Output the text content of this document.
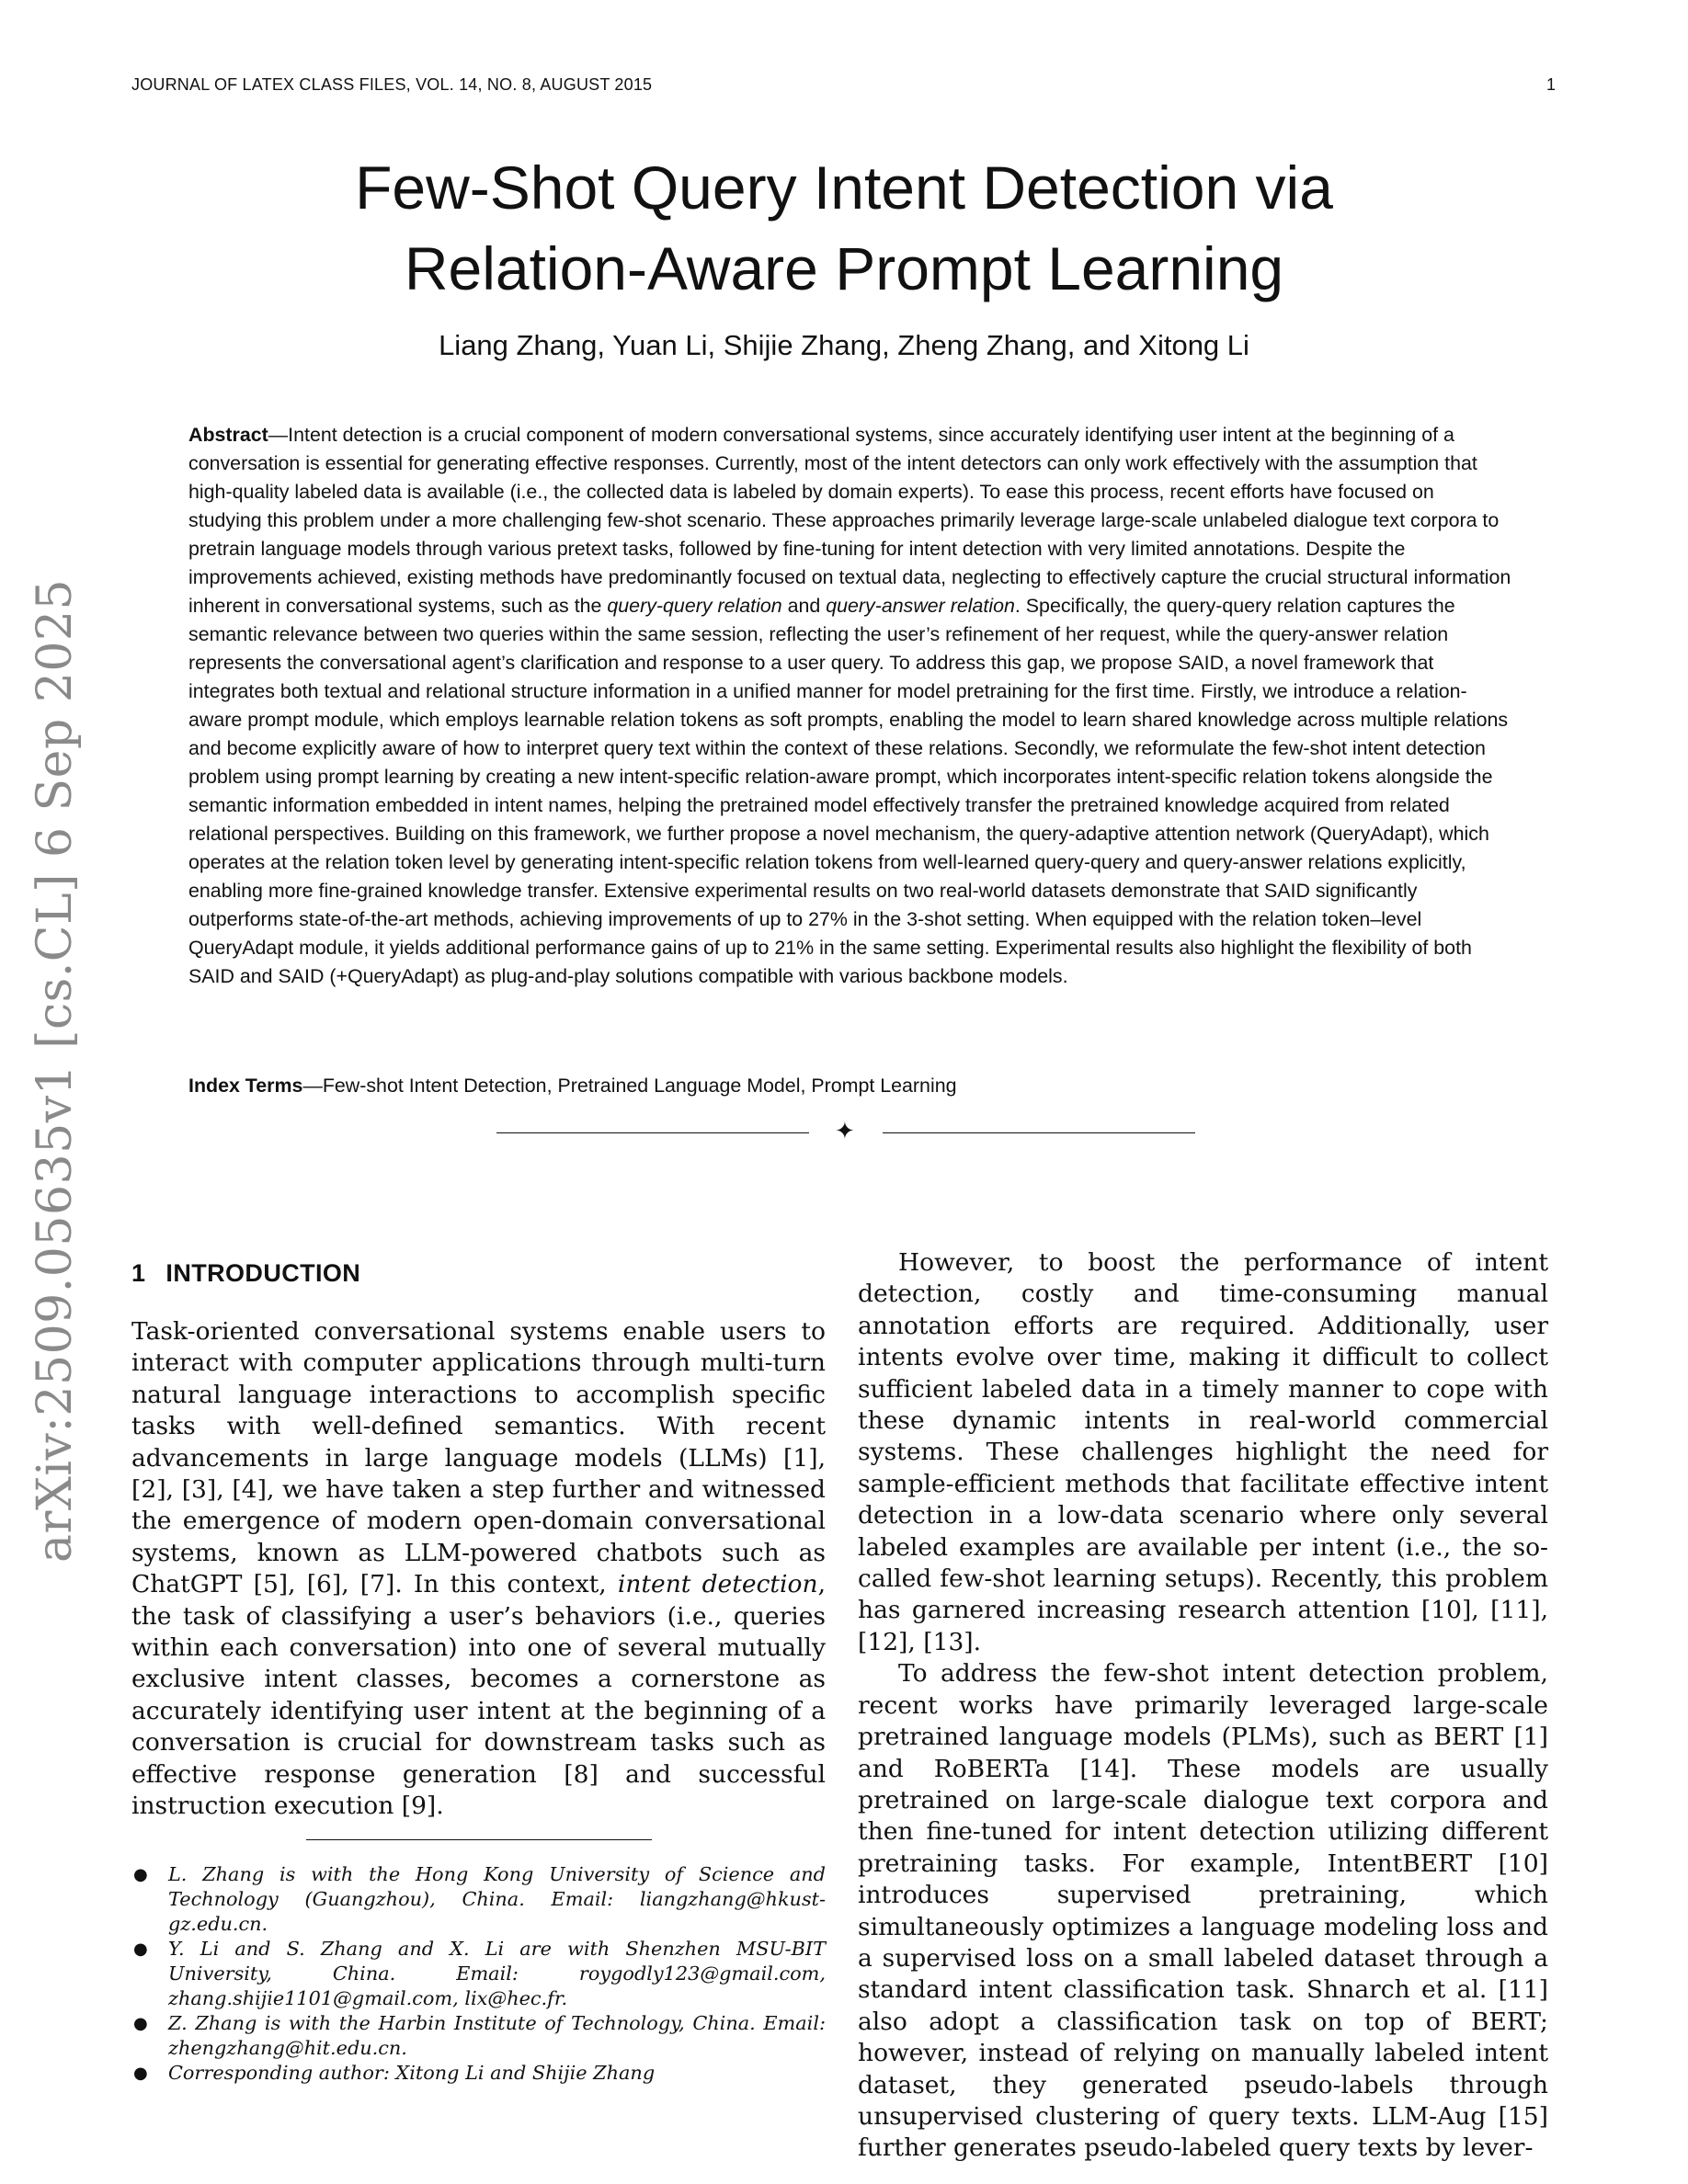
JOURNAL OF LATEX CLASS FILES, VOL. 14, NO. 8, AUGUST 2015	1
Few-Shot Query Intent Detection via
Relation-Aware Prompt Learning
Liang Zhang, Yuan Li, Shijie Zhang, Zheng Zhang, and Xitong Li
Abstract—Intent detection is a crucial component of modern conversational systems, since accurately identifying user intent at the beginning of a conversation is essential for generating effective responses. Currently, most of the intent detectors can only work effectively with the assumption that high-quality labeled data is available (i.e., the collected data is labeled by domain experts). To ease this process, recent efforts have focused on studying this problem under a more challenging few-shot scenario. These approaches primarily leverage large-scale unlabeled dialogue text corpora to pretrain language models through various pretext tasks, followed by fine-tuning for intent detection with very limited annotations. Despite the improvements achieved, existing methods have predominantly focused on textual data, neglecting to effectively capture the crucial structural information inherent in conversational systems, such as the query-query relation and query-answer relation. Specifically, the query-query relation captures the semantic relevance between two queries within the same session, reflecting the user’s refinement of her request, while the query-answer relation represents the conversational agent’s clarification and response to a user query. To address this gap, we propose SAID, a novel framework that integrates both textual and relational structure information in a unified manner for model pretraining for the first time. Firstly, we introduce a relation-aware prompt module, which employs learnable relation tokens as soft prompts, enabling the model to learn shared knowledge across multiple relations and become explicitly aware of how to interpret query text within the context of these relations. Secondly, we reformulate the few-shot intent detection problem using prompt learning by creating a new intent-specific relation-aware prompt, which incorporates intent-specific relation tokens alongside the semantic information embedded in intent names, helping the pretrained model effectively transfer the pretrained knowledge acquired from related relational perspectives. Building on this framework, we further propose a novel mechanism, the query-adaptive attention network (QueryAdapt), which operates at the relation token level by generating intent-specific relation tokens from well-learned query-query and query-answer relations explicitly, enabling more fine-grained knowledge transfer. Extensive experimental results on two real-world datasets demonstrate that SAID significantly outperforms state-of-the-art methods, achieving improvements of up to 27% in the 3-shot setting. When equipped with the relation token–level QueryAdapt module, it yields additional performance gains of up to 21% in the same setting. Experimental results also highlight the flexibility of both SAID and SAID (+QueryAdapt) as plug-and-play solutions compatible with various backbone models.
Index Terms—Few-shot Intent Detection, Pretrained Language Model, Prompt Learning
✦
arXiv:2509.05635v1 [cs.CL] 6 Sep 2025 1 INTRODUCTION

Task-oriented conversational systems enable users to interact with computer applications through multi-turn natural language interactions to accomplish specific tasks with well-defined semantics. With recent advancements in large language models (LLMs) [1], [2], [3], [4], we have taken a step further and witnessed the emergence of modern open-domain conversational systems, known as LLM-powered chatbots such as ChatGPT [5], [6], [7]. In this context, intent detection, the task of classifying a user’s behaviors (i.e., queries within each conversation) into one of several mutually exclusive intent classes, becomes a cornerstone as accurately identifying user intent at the beginning of a conversation is crucial for downstream tasks such as effective response generation [8] and successful instruction execution [9].

● L. Zhang is with the Hong Kong University of Science and Technology (Guangzhou), China. Email: liangzhang@hkust-gz.edu.cn.
● Y. Li and S. Zhang and X. Li are with Shenzhen MSU-BIT University, China. Email: roygodly123@gmail.com, zhang.shijie1101@gmail.com, lix@hec.fr.
● Z. Zhang is with the Harbin Institute of Technology, China. Email: zhengzhang@hit.edu.cn.
● Corresponding author: Xitong Li and Shijie Zhang

However, to boost the performance of intent detection, costly and time-consuming manual annotation efforts are required. Additionally, user intents evolve over time, making it difficult to collect sufficient labeled data in a timely manner to cope with these dynamic intents in real-world commercial systems. These challenges highlight the need for sample-efficient methods that facilitate effective intent detection in a low-data scenario where only several labeled examples are available per intent (i.e., the so-called few-shot learning setups). Recently, this problem has garnered increasing research attention [10], [11], [12], [13].

To address the few-shot intent detection problem, recent works have primarily leveraged large-scale pretrained language models (PLMs), such as BERT [1] and RoBERTa [14]. These models are usually pretrained on large-scale dialogue text corpora and then fine-tuned for intent detection utilizing different pretraining tasks. For example, IntentBERT [10] introduces supervised pretraining, which simultaneously optimizes a language modeling loss and a supervised loss on a small labeled dataset through a standard intent classification task. Shnarch et al. [11] also adopt a classification task on top of BERT; however, instead of relying on manually labeled intent dataset, they generated pseudo-labels through unsupervised clustering of query texts. LLM-Aug [15] further generates pseudo-labeled query texts by lever-
